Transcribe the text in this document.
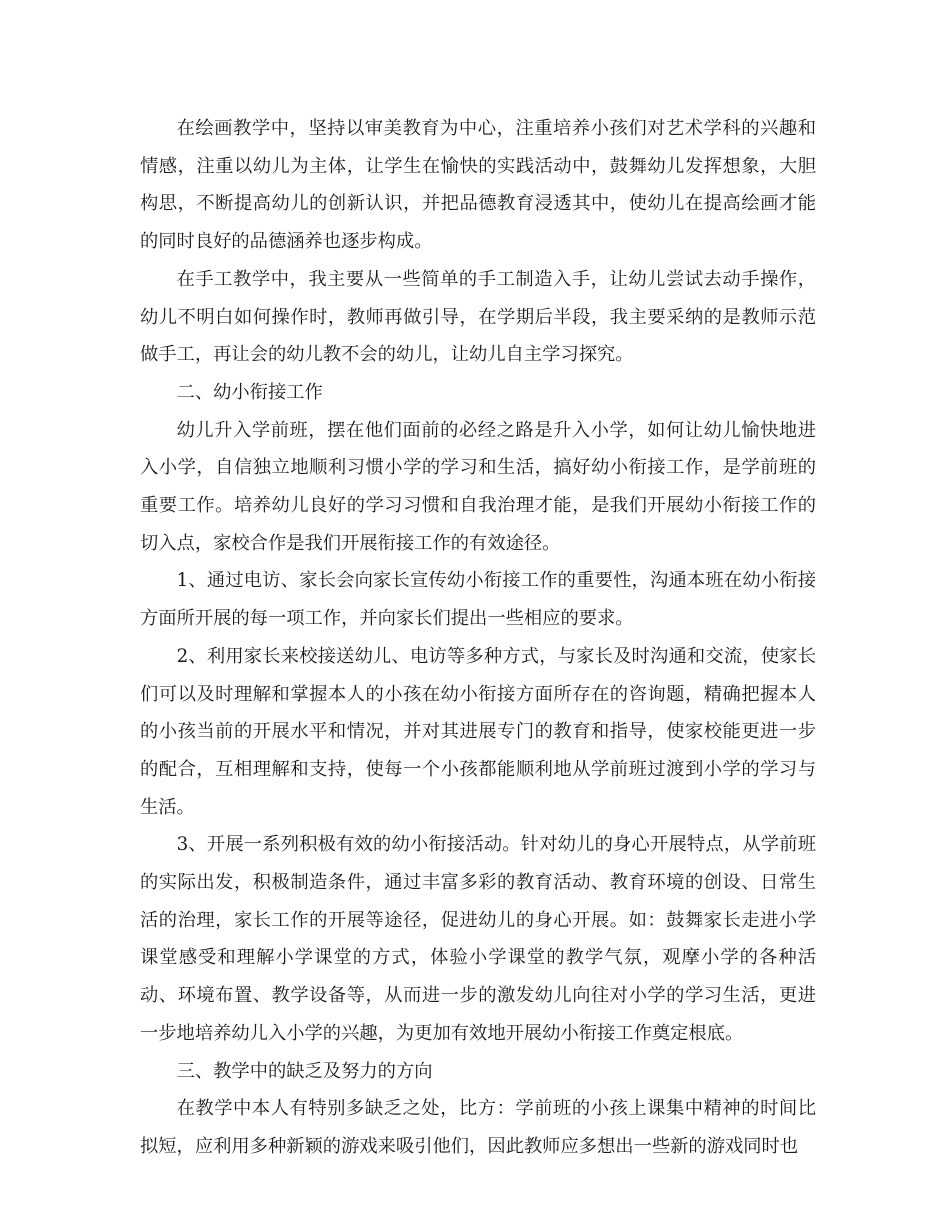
在绘画教学中，坚持以审美教育为中心，注重培养小孩们对艺术学科的兴趣和情感，注重以幼儿为主体，让学生在愉快的实践活动中，鼓舞幼儿发挥想象，大胆构思，不断提高幼儿的创新认识，并把品德教育浸透其中，使幼儿在提高绘画才能的同时良好的品德涵养也逐步构成。

在手工教学中，我主要从一些简单的手工制造入手，让幼儿尝试去动手操作，幼儿不明白如何操作时，教师再做引导，在学期后半段，我主要采纳的是教师示范做手工，再让会的幼儿教不会的幼儿，让幼儿自主学习探究。

二、幼小衔接工作

幼儿升入学前班，摆在他们面前的必经之路是升入小学，如何让幼儿愉快地进入小学，自信独立地顺利习惯小学的学习和生活，搞好幼小衔接工作，是学前班的重要工作。培养幼儿良好的学习习惯和自我治理才能，是我们开展幼小衔接工作的切入点，家校合作是我们开展衔接工作的有效途径。

1、通过电访、家长会向家长宣传幼小衔接工作的重要性，沟通本班在幼小衔接方面所开展的每一项工作，并向家长们提出一些相应的要求。

2、利用家长来校接送幼儿、电访等多种方式，与家长及时沟通和交流，使家长们可以及时理解和掌握本人的小孩在幼小衔接方面所存在的咨询题，精确把握本人的小孩当前的开展水平和情况，并对其进展专门的教育和指导，使家校能更进一步的配合，互相理解和支持，使每一个小孩都能顺利地从学前班过渡到小学的学习与生活。

3、开展一系列积极有效的幼小衔接活动。针对幼儿的身心开展特点，从学前班的实际出发，积极制造条件，通过丰富多彩的教育活动、教育环境的创设、日常生活的治理，家长工作的开展等途径，促进幼儿的身心开展。如：鼓舞家长走进小学课堂感受和理解小学课堂的方式，体验小学课堂的教学气氛，观摩小学的各种活动、环境布置、教学设备等，从而进一步的激发幼儿向往对小学的学习生活，更进一步地培养幼儿入小学的兴趣，为更加有效地开展幼小衔接工作奠定根底。

三、教学中的缺乏及努力的方向

在教学中本人有特别多缺乏之处，比方：学前班的小孩上课集中精神的时间比拟短，应利用多种新颖的游戏来吸引他们，因此教师应多想出一些新的游戏同时也
